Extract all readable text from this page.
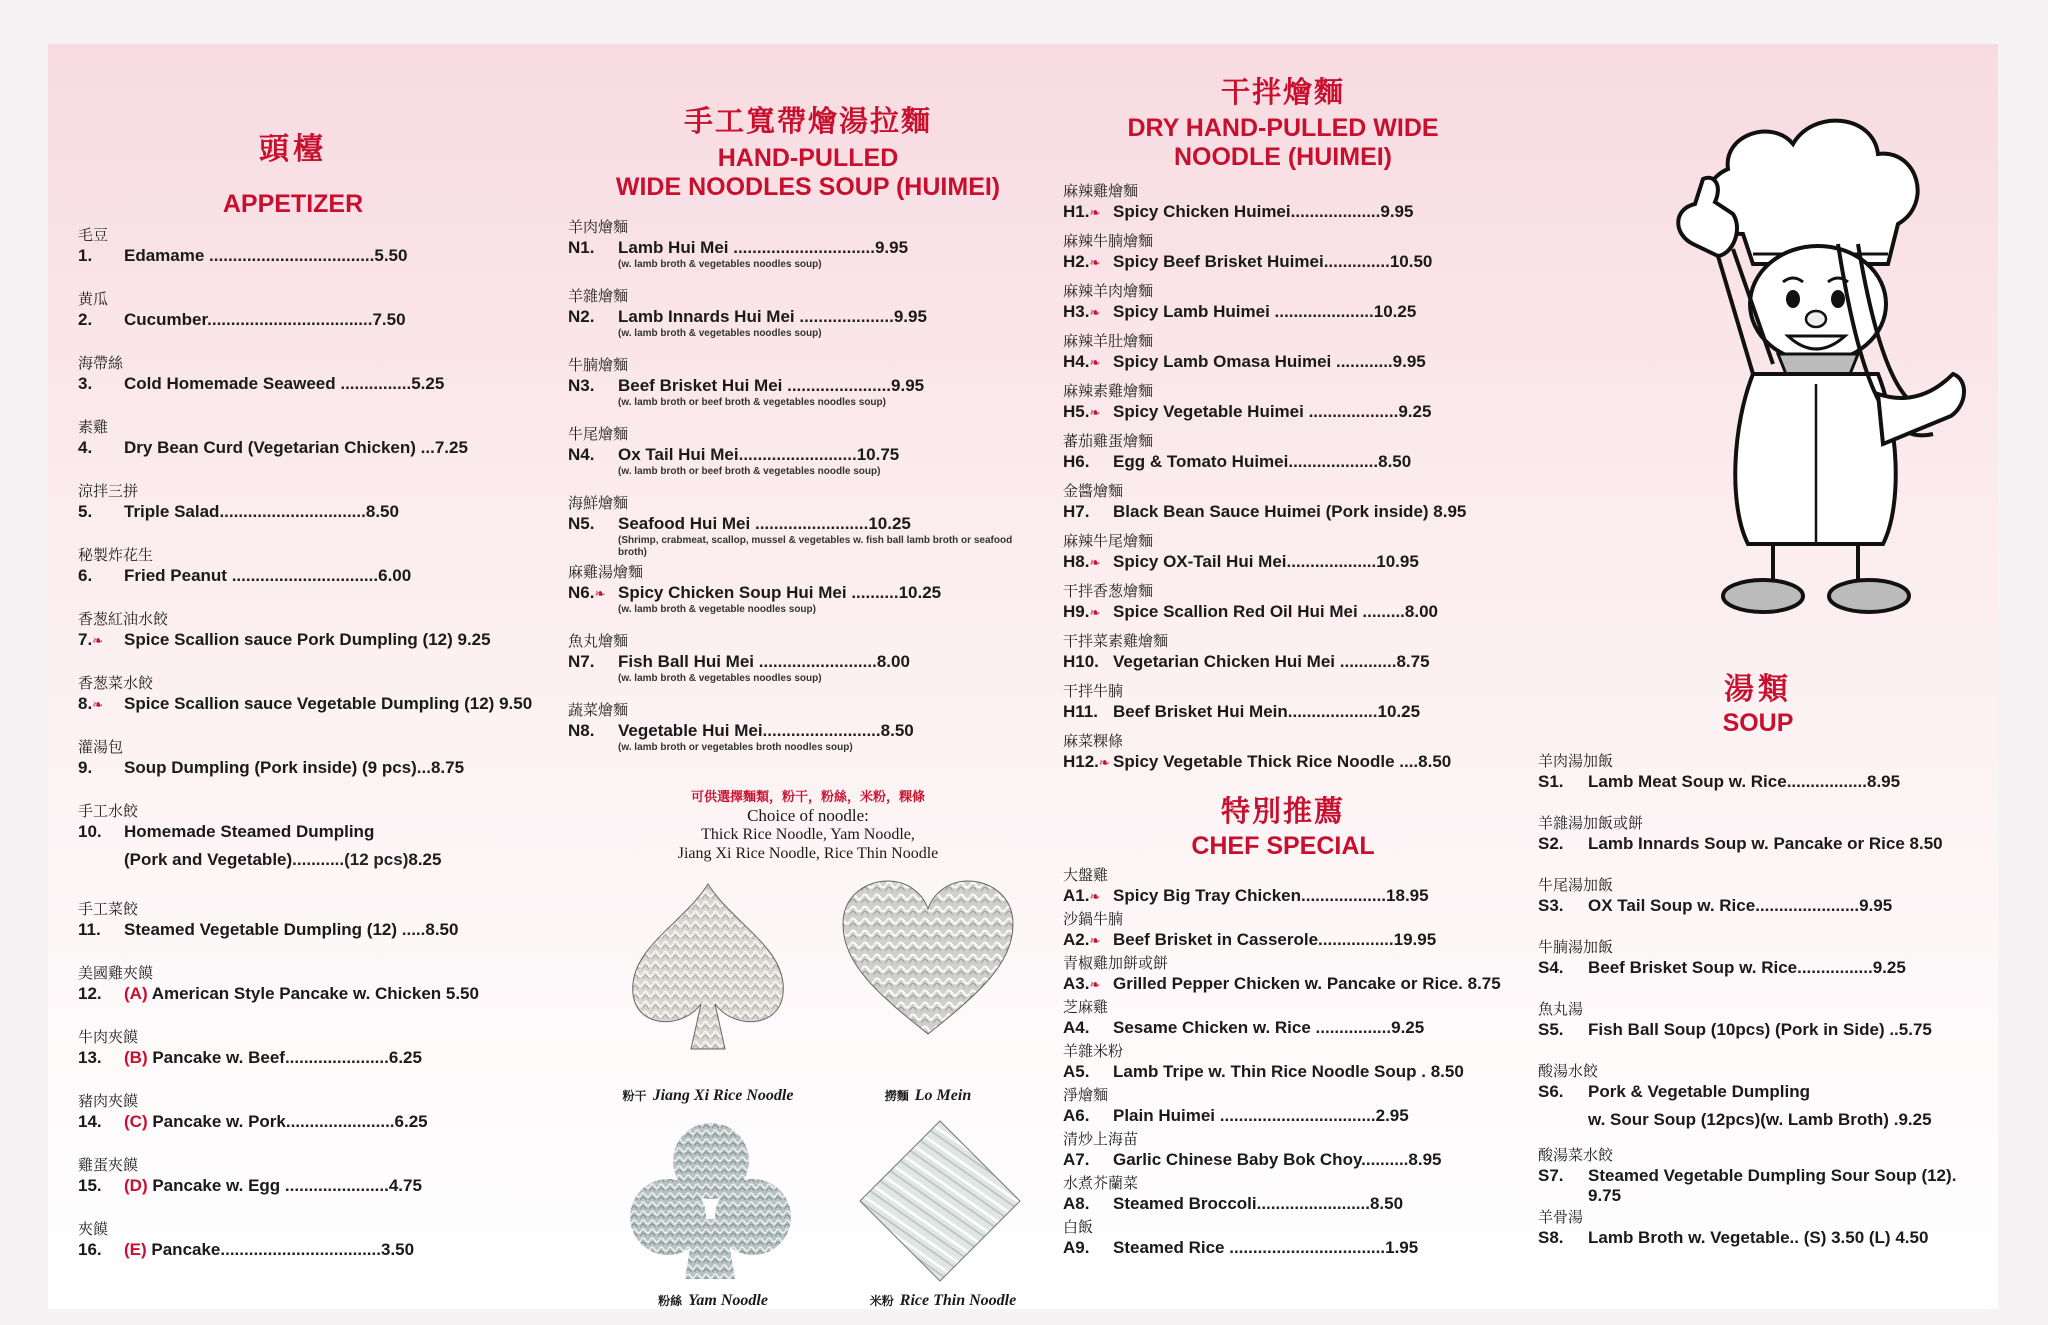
頭檯
APPETIZER
毛豆
1.	Edamame ...................................5.50
黄瓜
2.	Cucumber...................................7.50
海帶絲
3.	Cold Homemade Seaweed ...............5.25
素雞
4.	Dry Bean Curd (Vegetarian Chicken) ...7.25
涼拌三拼
5.	Triple Salad...............................8.50
秘製炸花生
6.	Fried Peanut ...............................6.00
香葱紅油水餃
7.❧	Spice Scallion sauce Pork Dumpling (12) 9.25
香葱菜水餃
8.❧	Spice Scallion sauce Vegetable Dumpling (12) 9.50
灌湯包
9.	Soup Dumpling (Pork inside) (9 pcs)...8.75
手工水餃
10.	Homemade Steamed Dumpling
(Pork and Vegetable)...........(12 pcs)8.25
手工菜餃
11.	Steamed Vegetable Dumpling (12) .....8.50
美國雞夾饃
12.	(A) American Style Pancake w. Chicken 5.50
牛肉夾饃
13.	(B) Pancake w. Beef......................6.25
豬肉夾饃
14.	(C) Pancake w. Pork.......................6.25
雞蛋夾饃
15.	(D) Pancake w. Egg ......................4.75
夾饃
16.	(E) Pancake..................................3.50
手工寬帶燴湯拉麵
HAND-PULLED
WIDE NOODLES SOUP (HUIMEI)
羊肉燴麵
N1.	Lamb Hui Mei ..............................9.95
(w. lamb broth & vegetables noodles soup)
羊雜燴麵
N2.	Lamb Innards Hui Mei ....................9.95
(w. lamb broth & vegetables noodles soup)
牛腩燴麵
N3.	Beef Brisket Hui Mei ......................9.95
(w. lamb broth or beef broth & vegetables noodles soup)
牛尾燴麵
N4.	Ox Tail Hui Mei.........................10.75
(w. lamb broth or beef broth & vegetables noodle soup)
海鮮燴麵
N5.	Seafood Hui Mei ........................10.25
(Shrimp, crabmeat, scallop, mussel & vegetables w. fish ball lamb broth or seafood broth)
麻雞湯燴麵
N6.❧ Spicy Chicken Soup Hui Mei ..........10.25
(w. lamb broth & vegetable noodles soup)
魚丸燴麵
N7.	Fish Ball Hui Mei .........................8.00
(w. lamb broth & vegetables noodles soup)
蔬菜燴麵
N8.	Vegetable Hui Mei.........................8.50
(w. lamb broth or vegetables broth noodles soup)
可供選擇麵類，粉干，粉絲，米粉，粿條
Choice of noodle:
Thick Rice Noodle, Yam Noodle,
Jiang Xi Rice Noodle, Rice Thin Noodle
粉干 Jiang Xi Rice Noodle	撈麵 Lo Mein
粉絲 Yam Noodle	米粉 Rice Thin Noodle
干拌燴麵
DRY HAND-PULLED WIDE
NOODLE (HUIMEI)
麻辣雞燴麵
H1.❧ Spicy Chicken Huimei...................9.95
麻辣牛腩燴麵
H2.❧ Spicy Beef Brisket Huimei..............10.50
麻辣羊肉燴麵
H3.❧ Spicy Lamb Huimei .....................10.25
麻辣羊肚燴麵
H4.❧ Spicy Lamb Omasa Huimei ............9.95
麻辣素雞燴麵
H5.❧ Spicy Vegetable Huimei ...................9.25
蕃茄雞蛋燴麵
H6.	Egg & Tomato Huimei...................8.50
金醬燴麵
H7.	Black Bean Sauce Huimei (Pork inside) 8.95
麻辣牛尾燴麵
H8.❧ Spicy OX-Tail Hui Mei...................10.95
干拌香葱燴麵
H9.❧ Spice Scallion Red Oil Hui Mei .........8.00
干拌菜素雞燴麵
H10. Vegetarian Chicken Hui Mei ............8.75
干拌牛腩
H11. Beef Brisket Hui Mein...................10.25
麻菜粿條
H12.❧ Spicy Vegetable Thick Rice Noodle ....8.50
特別推薦
CHEF SPECIAL
大盤雞
A1.❧ Spicy Big Tray Chicken..................18.95
沙鍋牛腩
A2.❧ Beef Brisket in Casserole................19.95
青椒雞加餅或餅
A3.❧ Grilled Pepper Chicken w. Pancake or Rice. 8.75
芝麻雞
A4.	Sesame Chicken w. Rice ................9.25
羊雜米粉
A5.	Lamb Tripe w. Thin Rice Noodle Soup . 8.50
淨燴麵
A6.	Plain Huimei .................................2.95
清炒上海苗
A7.	Garlic Chinese Baby Bok Choy..........8.95
水煮芥蘭菜
A8.	Steamed Broccoli........................8.50
白飯
A9.	Steamed Rice .................................1.95
湯類
SOUP
羊肉湯加飯
S1.	Lamb Meat Soup w. Rice.................8.95
羊雜湯加飯或餅
S2.	Lamb Innards Soup w. Pancake or Rice 8.50
牛尾湯加飯
S3.	OX Tail Soup w. Rice......................9.95
牛腩湯加飯
S4.	Beef Brisket Soup w. Rice................9.25
魚丸湯
S5.	Fish Ball Soup (10pcs) (Pork in Side) ..5.75
酸湯水餃
S6.	Pork & Vegetable Dumpling
w. Sour Soup (12pcs)(w. Lamb Broth) .9.25
酸湯菜水餃
S7.	Steamed Vegetable Dumpling Sour Soup (12). 9.75
羊骨湯
S8.	Lamb Broth w. Vegetable.. (S) 3.50 (L) 4.50
